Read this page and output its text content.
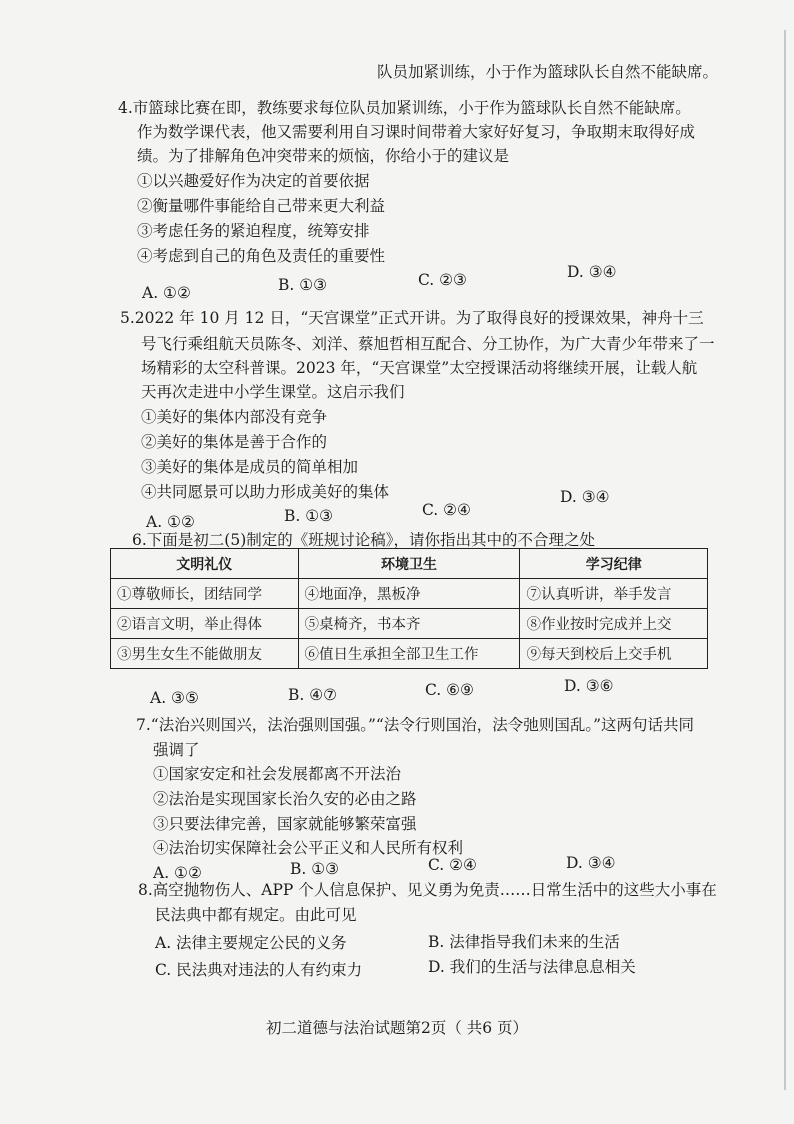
队员加紧训练，小于作为篮球队长自然不能缺席。
4.市篮球比赛在即，教练要求每位队员加紧训练，小于作为篮球队长自然不能缺席。
作为数学课代表，他又需要利用自习课时间带着大家好好复习，争取期末取得好成
绩。为了排解角色冲突带来的烦恼，你给小于的建议是
①以兴趣爱好作为决定的首要依据
②衡量哪件事能给自己带来更大利益
③考虑任务的紧迫程度，统筹安排
④考虑到自己的角色及责任的重要性
A. ①②	B. ①③	C. ②③	D. ③④
5.2022 年 10 月 12 日，“天宫课堂”正式开讲。为了取得良好的授课效果，神舟十三
号飞行乘组航天员陈冬、刘洋、蔡旭哲相互配合、分工协作，为广大青少年带来了一
场精彩的太空科普课。2023 年，“天宫课堂”太空授课活动将继续开展，让载人航
天再次走进中小学生课堂。这启示我们
①美好的集体内部没有竞争
②美好的集体是善于合作的
③美好的集体是成员的简单相加
④共同愿景可以助力形成美好的集体
A. ①②	B. ①③	C. ②④
D. ③④
6.下面是初二(5)制定的《班规讨论稿》，请你指出其中的不合理之处
文明礼仪	环境卫生	学习纪律
①尊敬师长，团结同学	④地面净，黑板净	⑦认真听讲，举手发言
②语言文明，举止得体	⑤桌椅齐，书本齐	⑧作业按时完成并上交
③男生女生不能做朋友	⑥值日生承担全部卫生工作	⑨每天到校后上交手机
A. ③⑤	B. ④⑦	C. ⑥⑨	D. ③⑥
7.“法治兴则国兴，法治强则国强。”“法令行则国治，法令弛则国乱。”这两句话共同
强调了
①国家安定和社会发展都离不开法治
②法治是实现国家长治久安的必由之路
③只要法律完善，国家就能够繁荣富强
④法治切实保障社会公平正义和人民所有权利
A. ①②	B. ①③	C. ②④	D. ③④
8.高空抛物伤人、APP 个人信息保护、见义勇为免责……日常生活中的这些大小事在
民法典中都有规定。由此可见
A. 法律主要规定公民的义务	B. 法律指导我们未来的生活
C. 民法典对违法的人有约束力	D. 我们的生活与法律息息相关
初二道德与法治试题第2页（ 共6 页）
